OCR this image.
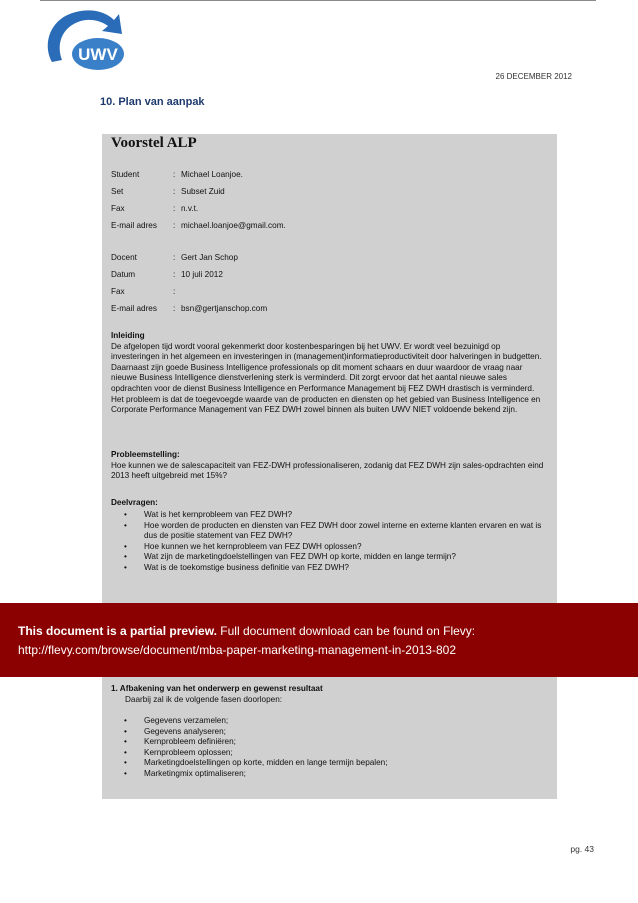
UWV
26 DECEMBER 2012
10. Plan van aanpak
Voorstel ALP
Student	: Michael Loanjoe.
Set	: Subset Zuid
Fax	: n.v.t.
E-mail adres : michael.loanjoe@gmail.com.
Docent	: Gert Jan Schop
Datum	: 10 juli 2012
Fax	:
E-mail adres : bsn@gertjanschop.com
Inleiding
De afgelopen tijd wordt vooral gekenmerkt door kostenbesparingen bij het UWV. Er wordt veel bezuinigd op investeringen in het algemeen en investeringen in (management)informatieproductiviteit door halveringen in budgetten. Daarnaast zijn goede Business Intelligence professionals op dit moment schaars en duur waardoor de vraag naar nieuwe Business Intelligence dienstverlening sterk is verminderd. Dit zorgt ervoor dat het aantal nieuwe sales opdrachten voor de dienst Business Intelligence en Performance Management bij FEZ DWH drastisch is verminderd. Het probleem is dat de toegevoegde waarde van de producten en diensten op het gebied van Business Intelligence en Corporate Performance Management van FEZ DWH zowel binnen als buiten UWV NIET voldoende bekend zijn.
Probleemstelling:
Hoe kunnen we de salescapaciteit van FEZ-DWH professionaliseren, zodanig dat FEZ DWH zijn sales-opdrachten eind 2013 heeft uitgebreid met 15%?
Deelvragen:
• Wat is het kernprobleem van FEZ DWH?
• Hoe worden de producten en diensten van FEZ DWH door zowel interne en externe klanten ervaren en wat is dus de positie statement van FEZ DWH?
• Hoe kunnen we het kernprobleem van FEZ DWH oplossen?
• Wat zijn de marketingdoelstellingen van FEZ DWH op korte, midden en lange termijn?
• Wat is de toekomstige business definitie van FEZ DWH?
1. Afbakening van het onderwerp en gewenst resultaat
Daarbij zal ik de volgende fasen doorlopen:
• Gegevens verzamelen;
• Gegevens analyseren;
• Kernprobleem definiëren;
• Kernprobleem oplossen;
• Marketingdoelstellingen op korte, midden en lange termijn bepalen;
• Marketingmix optimaliseren;
This document is a partial preview. Full document download can be found on Flevy:
http://flevy.com/browse/document/mba-paper-marketing-management-in-2013-802
pg. 43
